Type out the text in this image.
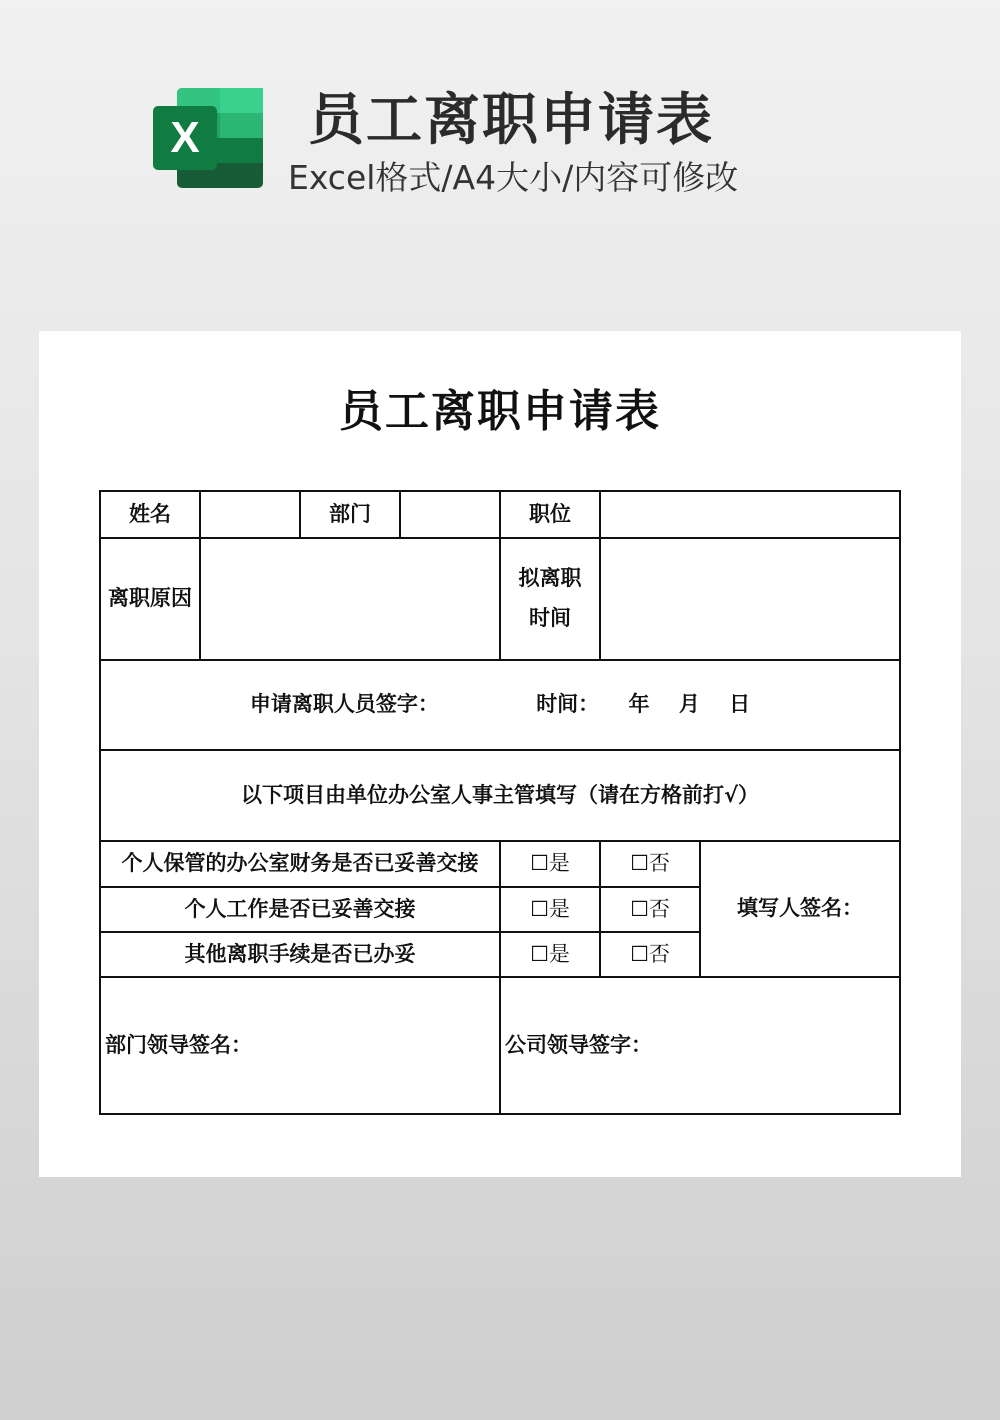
X 员工离职申请表
Excel格式/A4大小/内容可修改
员工离职申请表
姓名		部门		职位		
离职原因				拟离职
时间		
申请离职人员签字： 时间： 年 月 日						
以下项目由单位办公室人事主管填写（请在方格前打√）						
个人保管的办公室财务是否已妥善交接				☐是	☐否	填写人签名：
个人工作是否已妥善交接				☐是	☐否	
其他离职手续是否已办妥				☐是	☐否	
部门领导签名：				公司领导签字：		
